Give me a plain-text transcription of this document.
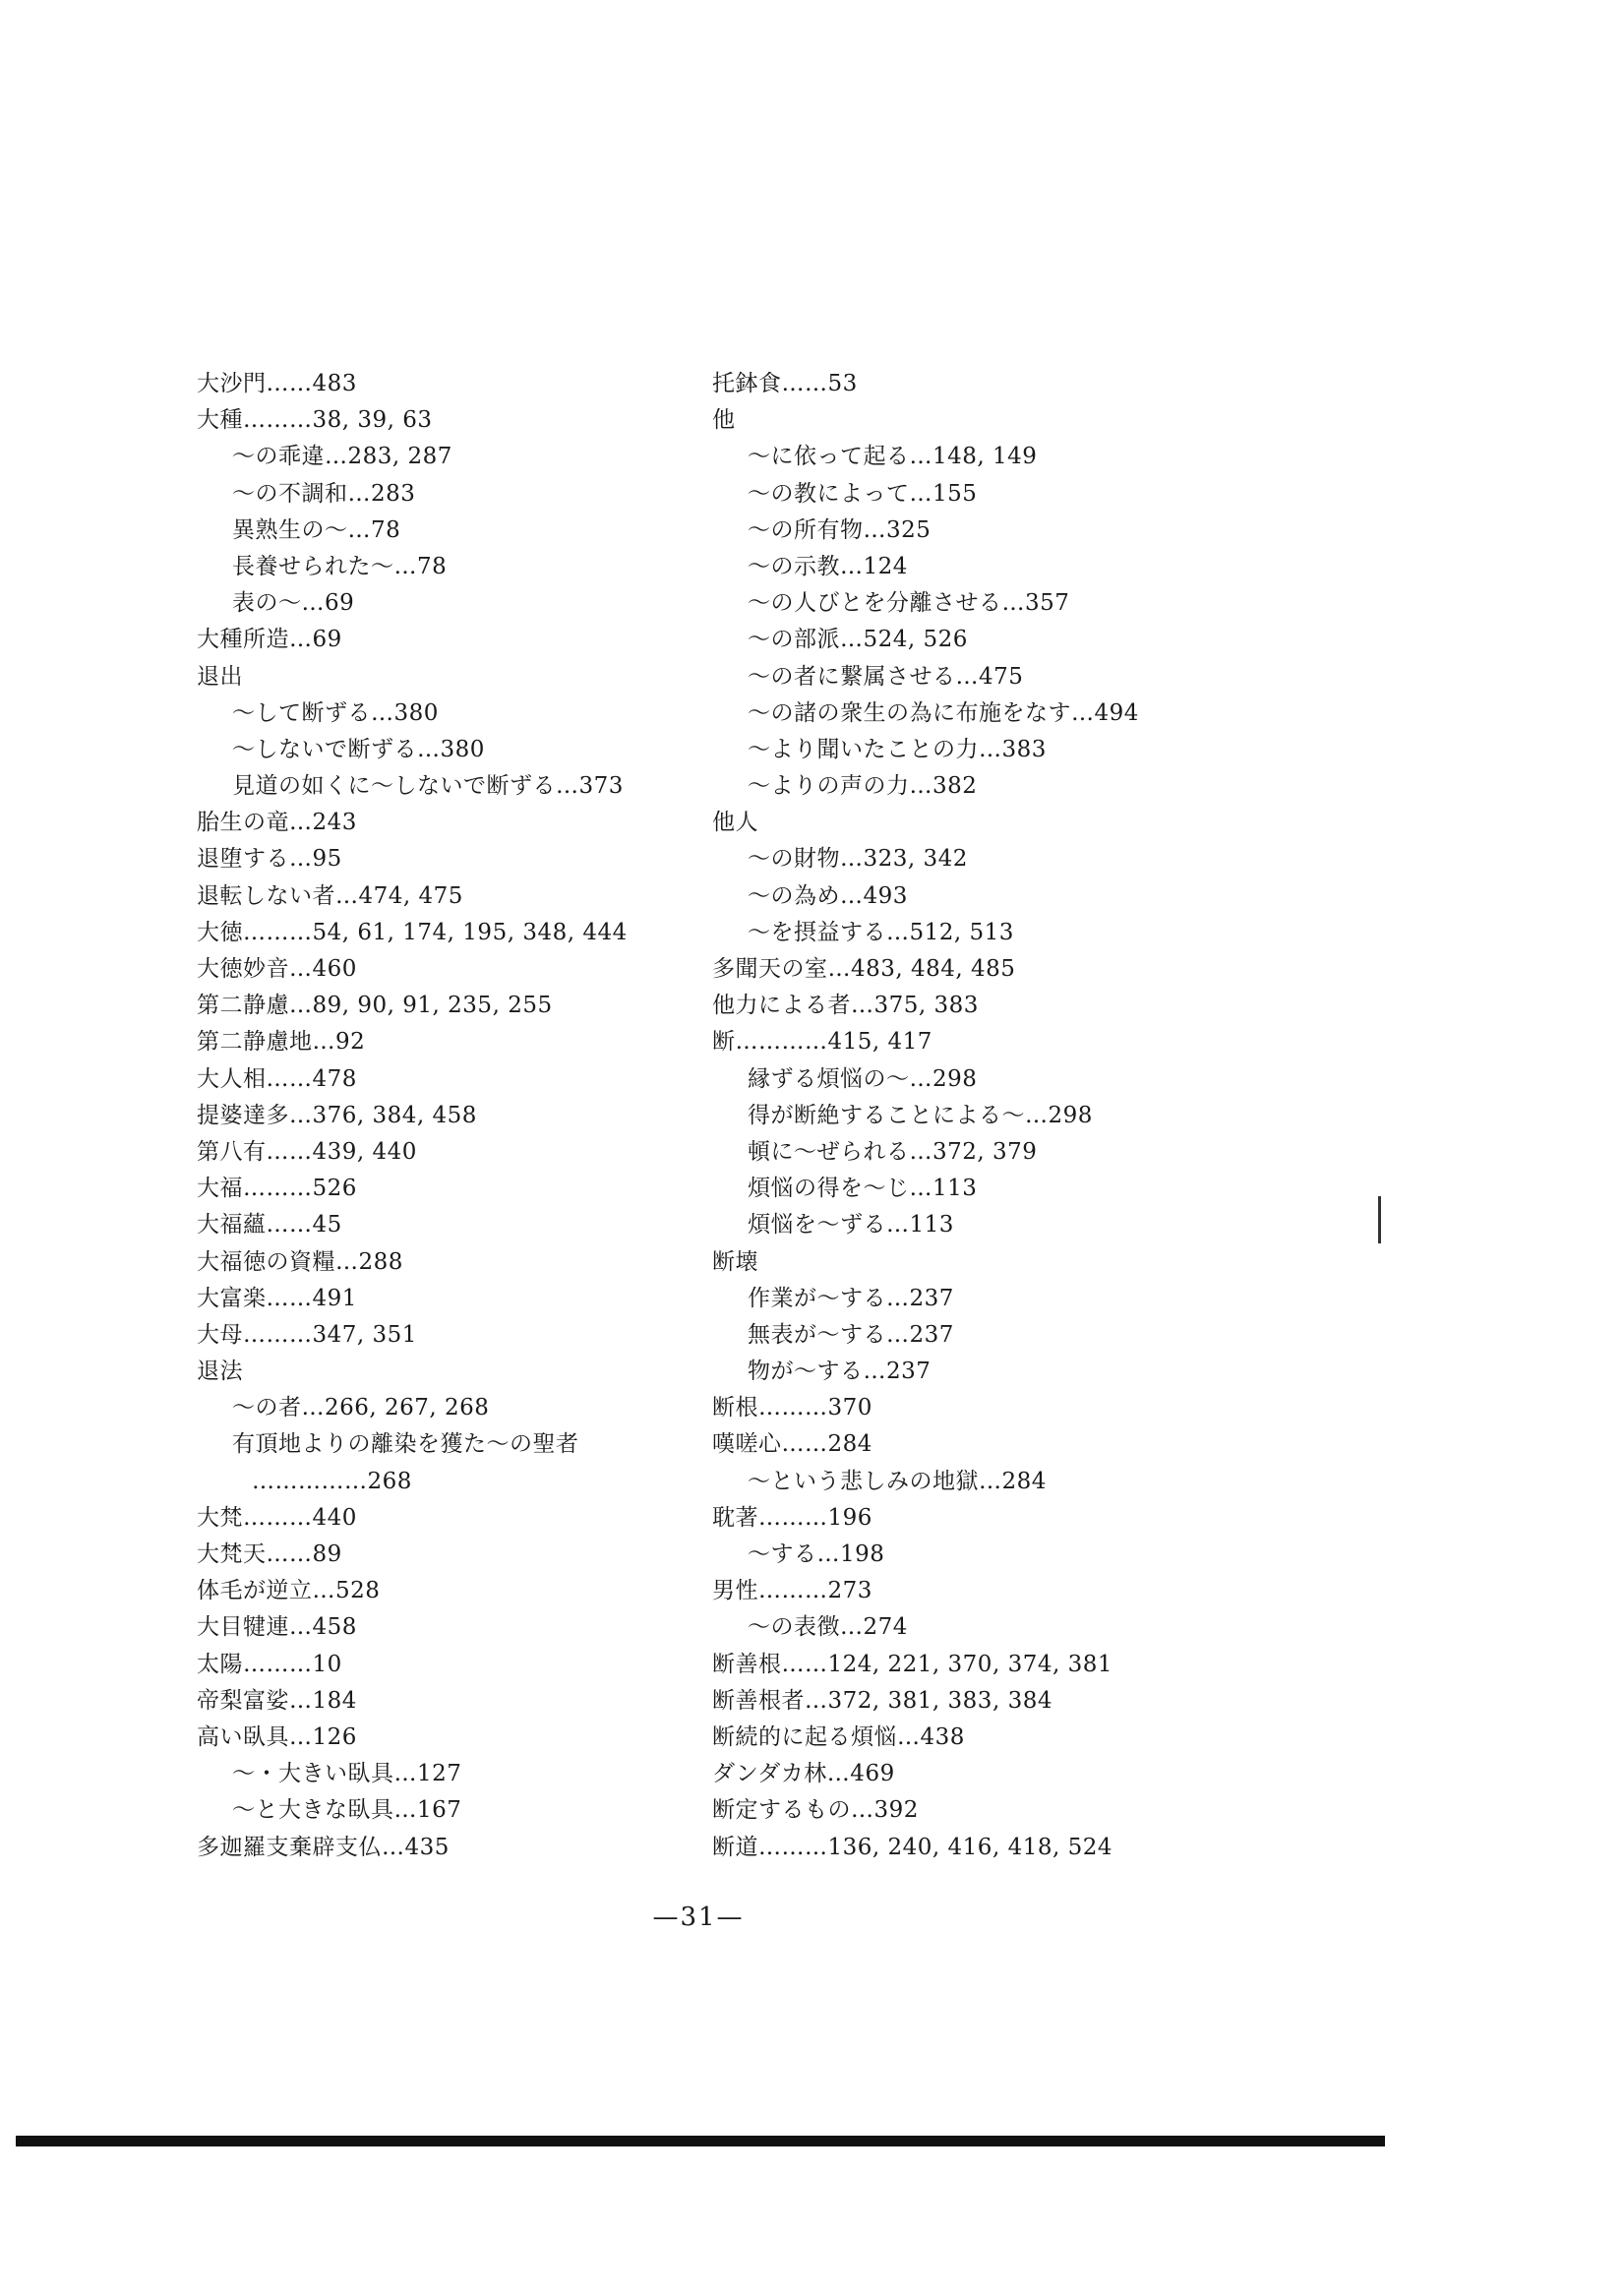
大沙門……483
大種………38, 39, 63
～の乖違…283, 287
～の不調和…283
異熟生の～…78
長養せられた～…78
表の～…69
大種所造…69
退出
～して断ずる…380
～しないで断ずる…380
見道の如くに～しないで断ずる…373
胎生の竜…243
退堕する…95
退転しない者…474, 475
大徳………54, 61, 174, 195, 348, 444
大徳妙音…460
第二静慮…89, 90, 91, 235, 255
第二静慮地…92
大人相……478
提婆達多…376, 384, 458
第八有……439, 440
大福………526
大福蘊……45
大福徳の資糧…288
大富楽……491
大母………347, 351
退法
～の者…266, 267, 268
有頂地よりの離染を獲た～の聖者
……………268
大梵………440
大梵天……89
体毛が逆立…528
大目犍連…458
太陽………10
帝梨富娑…184
高い臥具…126
～・大きい臥具…127
～と大きな臥具…167
多迦羅支棄辟支仏…435
托鉢食……53
他
～に依って起る…148, 149
～の教によって…155
～の所有物…325
～の示教…124
～の人びとを分離させる…357
～の部派…524, 526
～の者に繋属させる…475
～の諸の衆生の為に布施をなす…494
～より聞いたことの力…383
～よりの声の力…382
他人
～の財物…323, 342
～の為め…493
～を摂益する…512, 513
多聞天の室…483, 484, 485
他力による者…375, 383
断…………415, 417
縁ずる煩悩の～…298
得が断絶することによる～…298
頓に～ぜられる…372, 379
煩悩の得を～じ…113
煩悩を～ずる…113
断壊
作業が～する…237
無表が～する…237
物が～する…237
断根………370
嘆嗟心……284
～という悲しみの地獄…284
耽著………196
～する…198
男性………273
～の表徴…274
断善根……124, 221, 370, 374, 381
断善根者…372, 381, 383, 384
断続的に起る煩悩…438
ダンダカ林…469
断定するもの…392
断道………136, 240, 416, 418, 524
—31—
